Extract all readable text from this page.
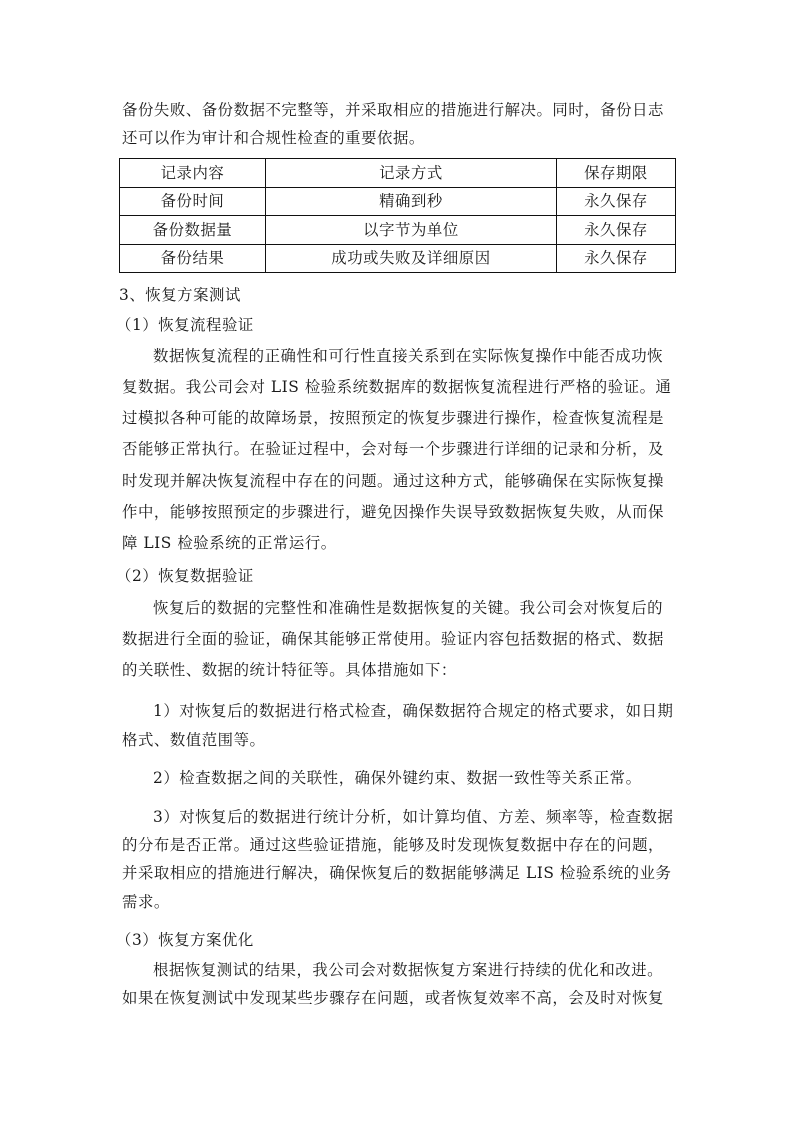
备份失败、备份数据不完整等，并采取相应的措施进行解决。同时，备份日志
还可以作为审计和合规性检查的重要依据。
记录内容	记录方式	保存期限
备份时间	精确到秒	永久保存
备份数据量	以字节为单位	永久保存
备份结果	成功或失败及详细原因	永久保存
3、恢复方案测试
（1）恢复流程验证
数据恢复流程的正确性和可行性直接关系到在实际恢复操作中能否成功恢
复数据。我公司会对 LIS 检验系统数据库的数据恢复流程进行严格的验证。通
过模拟各种可能的故障场景，按照预定的恢复步骤进行操作，检查恢复流程是
否能够正常执行。在验证过程中，会对每一个步骤进行详细的记录和分析，及
时发现并解决恢复流程中存在的问题。通过这种方式，能够确保在实际恢复操
作中，能够按照预定的步骤进行，避免因操作失误导致数据恢复失败，从而保
障 LIS 检验系统的正常运行。
（2）恢复数据验证
恢复后的数据的完整性和准确性是数据恢复的关键。我公司会对恢复后的
数据进行全面的验证，确保其能够正常使用。验证内容包括数据的格式、数据
的关联性、数据的统计特征等。具体措施如下：
1）对恢复后的数据进行格式检查，确保数据符合规定的格式要求，如日期
格式、数值范围等。
2）检查数据之间的关联性，确保外键约束、数据一致性等关系正常。
3）对恢复后的数据进行统计分析，如计算均值、方差、频率等，检查数据
的分布是否正常。通过这些验证措施，能够及时发现恢复数据中存在的问题，
并采取相应的措施进行解决，确保恢复后的数据能够满足 LIS 检验系统的业务
需求。
（3）恢复方案优化
根据恢复测试的结果，我公司会对数据恢复方案进行持续的优化和改进。
如果在恢复测试中发现某些步骤存在问题，或者恢复效率不高，会及时对恢复
